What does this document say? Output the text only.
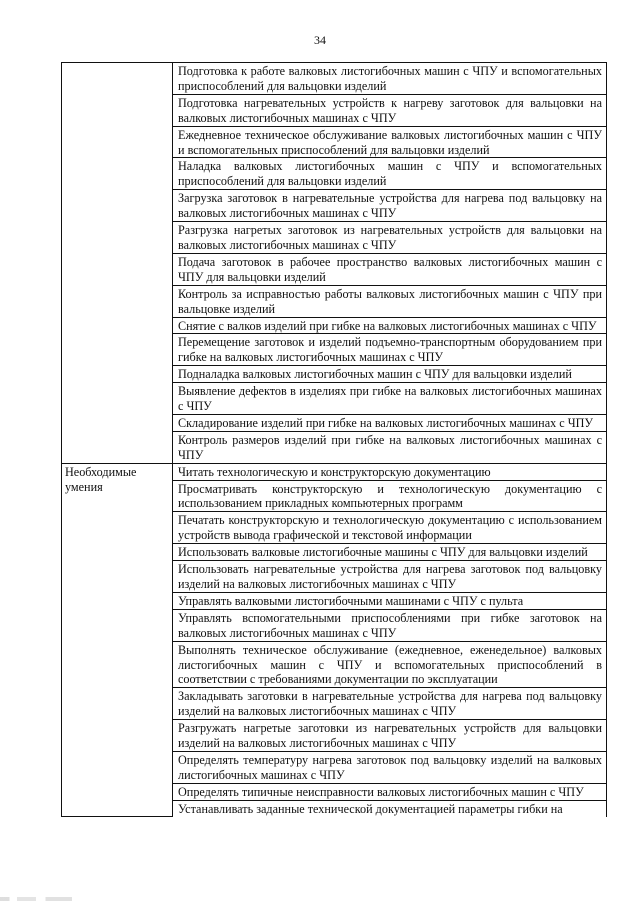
34
	Подготовка к работе валковых листогибочных машин с ЧПУ и вспомогательных приспособлений для вальцовки изделий
	Подготовка нагревательных устройств к нагреву заготовок для вальцовки на валковых листогибочных машинах с ЧПУ
	Ежедневное техническое обслуживание валковых листогибочных машин с ЧПУ и вспомогательных приспособлений для вальцовки изделий
	Наладка валковых листогибочных машин с ЧПУ и вспомогательных приспособлений для вальцовки изделий
	Загрузка заготовок в нагревательные устройства для нагрева под вальцовку на валковых листогибочных машинах с ЧПУ
	Разгрузка нагретых заготовок из нагревательных устройств для вальцовки на валковых листогибочных машинах с ЧПУ
	Подача заготовок в рабочее пространство валковых листогибочных машин с ЧПУ для вальцовки изделий
	Контроль за исправностью работы валковых листогибочных машин с ЧПУ при вальцовке изделий
	Снятие с валков изделий при гибке на валковых листогибочных машинах с ЧПУ
	Перемещение заготовок и изделий подъемно-транспортным оборудованием при гибке на валковых листогибочных машинах с ЧПУ
	Подналадка валковых листогибочных машин с ЧПУ для вальцовки изделий
	Выявление дефектов в изделиях при гибке на валковых листогибочных машинах с ЧПУ
	Складирование изделий при гибке на валковых листогибочных машинах с ЧПУ
	Контроль размеров изделий при гибке на валковых листогибочных машинах с ЧПУ
Необходимые умения	Читать технологическую и конструкторскую документацию
	Просматривать конструкторскую и технологическую документацию с использованием прикладных компьютерных программ
	Печатать конструкторскую и технологическую документацию с использованием устройств вывода графической и текстовой информации
	Использовать валковые листогибочные машины с ЧПУ для вальцовки изделий
	Использовать нагревательные устройства для нагрева заготовок под вальцовку изделий на валковых листогибочных машинах с ЧПУ
	Управлять валковыми листогибочными машинами с ЧПУ с пульта
	Управлять вспомогательными приспособлениями при гибке заготовок на валковых листогибочных машинах с ЧПУ
	Выполнять техническое обслуживание (ежедневное, еженедельное) валковых листогибочных машин с ЧПУ и вспомогательных приспособлений в соответствии с требованиями документации по эксплуатации
	Закладывать заготовки в нагревательные устройства для нагрева под вальцовку изделий на валковых листогибочных машинах с ЧПУ
	Разгружать нагретые заготовки из нагревательных устройств для вальцовки изделий на валковых листогибочных машинах с ЧПУ
	Определять температуру нагрева заготовок под вальцовку изделий на валковых листогибочных машинах с ЧПУ
	Определять типичные неисправности валковых листогибочных машин с ЧПУ
	Устанавливать заданные технической документацией параметры гибки на
